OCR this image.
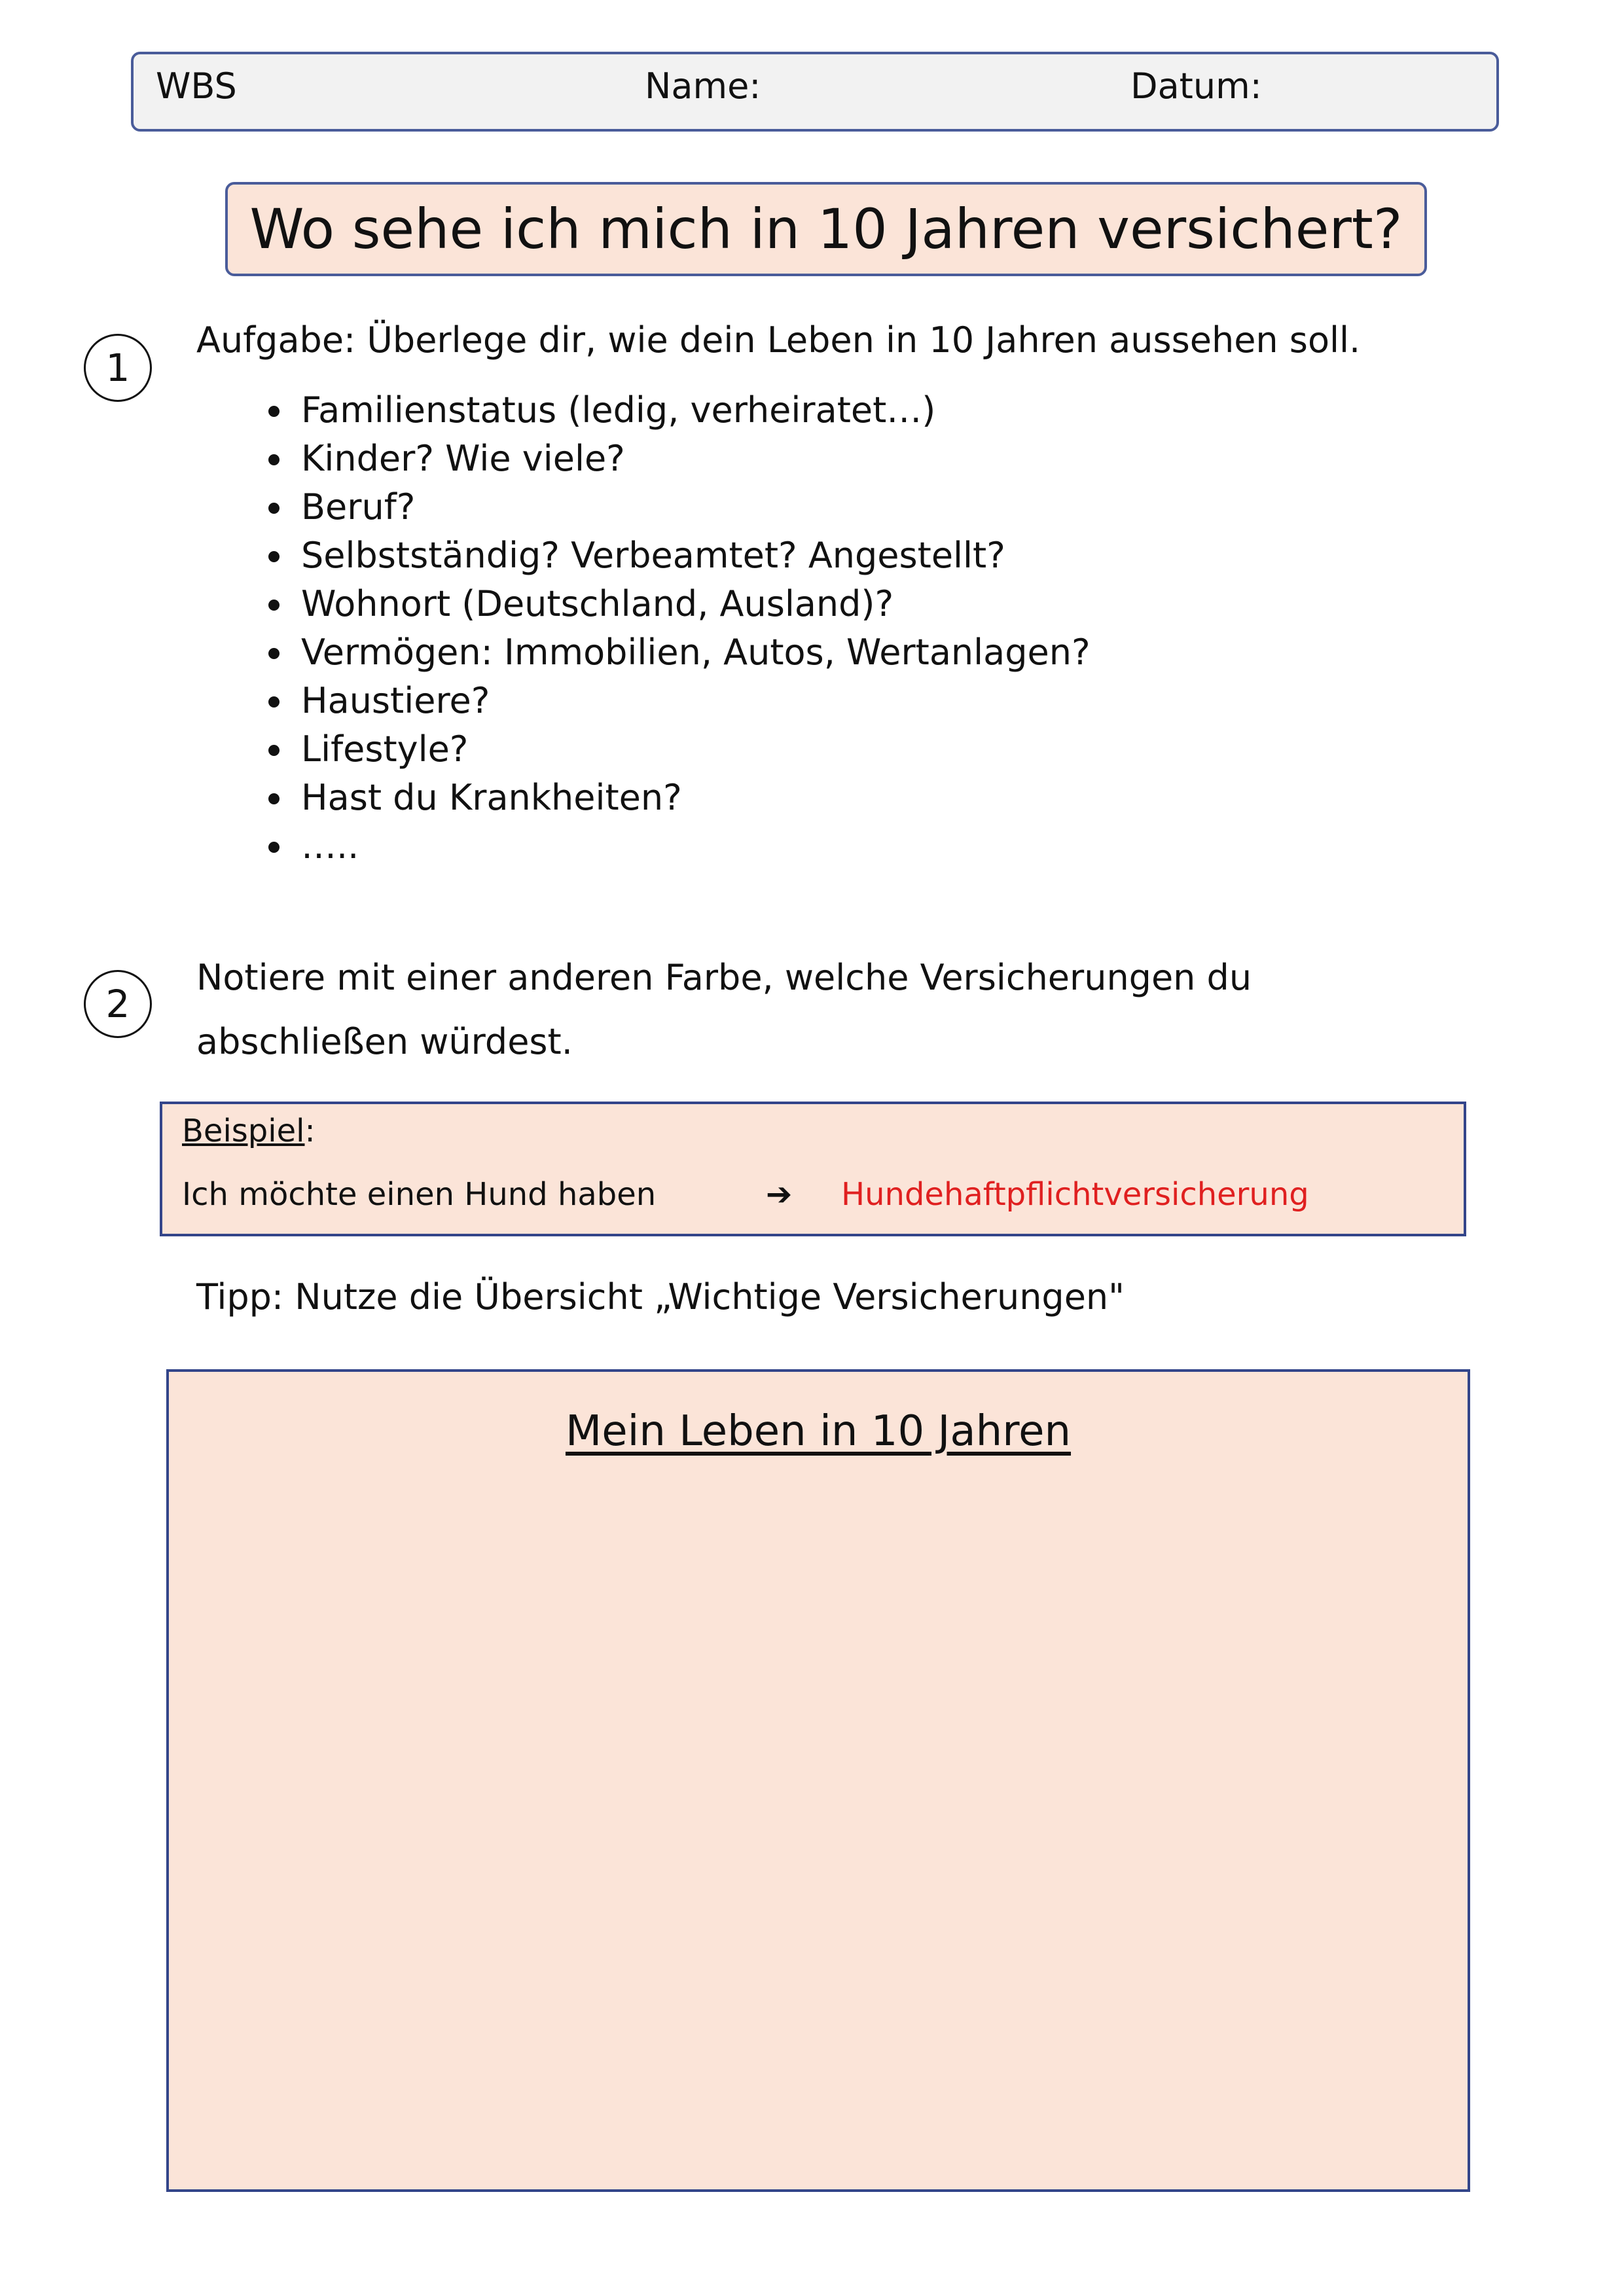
WBS	Name:	Datum:
Wo sehe ich mich in 10 Jahren versichert?
1
Aufgabe: Überlege dir, wie dein Leben in 10 Jahren aussehen soll.
• Familienstatus (ledig, verheiratet…)
• Kinder? Wie viele?
• Beruf?
• Selbstständig? Verbeamtet? Angestellt?
• Wohnort (Deutschland, Ausland)?
• Vermögen: Immobilien, Autos, Wertanlagen?
• Haustiere?
• Lifestyle?
• Hast du Krankheiten?
• …..
2
Notiere mit einer anderen Farbe, welche Versicherungen du
abschließen würdest.
Beispiel:
Ich möchte einen Hund haben	➔ Hundehaftpflichtversicherung
Tipp: Nutze die Übersicht „Wichtige Versicherungen"
Mein Leben in 10 Jahren
